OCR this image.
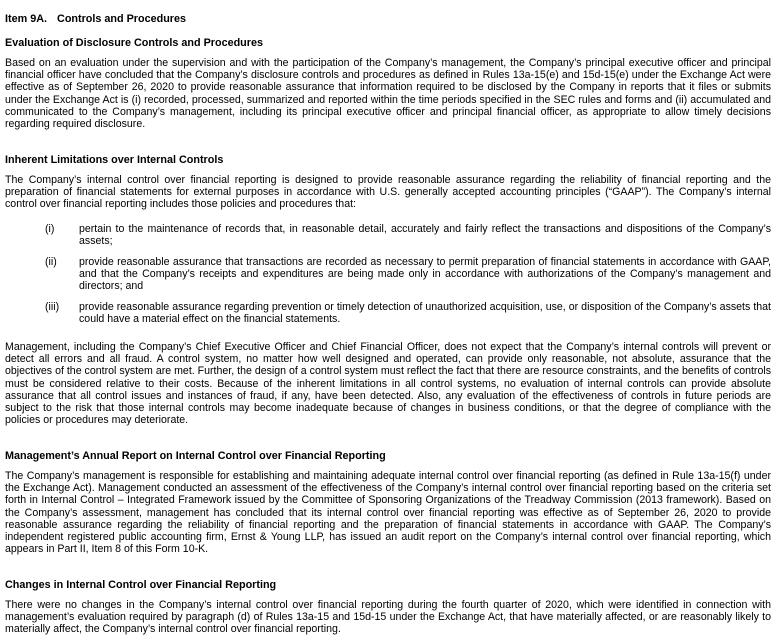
Item 9A. Controls and Procedures
Evaluation of Disclosure Controls and Procedures

Based on an evaluation under the supervision and with the participation of the Company’s management, the Company’s principal executive officer and principal financial officer have concluded that the Company’s disclosure controls and procedures as defined in Rules 13a-15(e) and 15d-15(e) under the Exchange Act were effective as of September 26, 2020 to provide reasonable assurance that information required to be disclosed by the Company in reports that it files or submits under the Exchange Act is (i) recorded, processed, summarized and reported within the time periods specified in the SEC rules and forms and (ii) accumulated and communicated to the Company’s management, including its principal executive officer and principal financial officer, as appropriate to allow timely decisions regarding required disclosure.

Inherent Limitations over Internal Controls

The Company’s internal control over financial reporting is designed to provide reasonable assurance regarding the reliability of financial reporting and the preparation of financial statements for external purposes in accordance with U.S. generally accepted accounting principles (“GAAP”). The Company’s internal control over financial reporting includes those policies and procedures that:

(i)	pertain to the maintenance of records that, in reasonable detail, accurately and fairly reflect the transactions and dispositions of the Company’s assets;
(ii)	provide reasonable assurance that transactions are recorded as necessary to permit preparation of financial statements in accordance with GAAP, and that the Company’s receipts and expenditures are being made only in accordance with authorizations of the Company’s management and directors; and
(iii)	provide reasonable assurance regarding prevention or timely detection of unauthorized acquisition, use, or disposition of the Company’s assets that could have a material effect on the financial statements.

Management, including the Company’s Chief Executive Officer and Chief Financial Officer, does not expect that the Company’s internal controls will prevent or detect all errors and all fraud. A control system, no matter how well designed and operated, can provide only reasonable, not absolute, assurance that the objectives of the control system are met. Further, the design of a control system must reflect the fact that there are resource constraints, and the benefits of controls must be considered relative to their costs. Because of the inherent limitations in all control systems, no evaluation of internal controls can provide absolute assurance that all control issues and instances of fraud, if any, have been detected. Also, any evaluation of the effectiveness of controls in future periods are subject to the risk that those internal controls may become inadequate because of changes in business conditions, or that the degree of compliance with the policies or procedures may deteriorate.

Management’s Annual Report on Internal Control over Financial Reporting

The Company’s management is responsible for establishing and maintaining adequate internal control over financial reporting (as defined in Rule 13a-15(f) under the Exchange Act). Management conducted an assessment of the effectiveness of the Company’s internal control over financial reporting based on the criteria set forth in Internal Control – Integrated Framework issued by the Committee of Sponsoring Organizations of the Treadway Commission (2013 framework). Based on the Company’s assessment, management has concluded that its internal control over financial reporting was effective as of September 26, 2020 to provide reasonable assurance regarding the reliability of financial reporting and the preparation of financial statements in accordance with GAAP. The Company’s independent registered public accounting firm, Ernst & Young LLP, has issued an audit report on the Company’s internal control over financial reporting, which appears in Part II, Item 8 of this Form 10-K.

Changes in Internal Control over Financial Reporting

There were no changes in the Company’s internal control over financial reporting during the fourth quarter of 2020, which were identified in connection with management’s evaluation required by paragraph (d) of Rules 13a-15 and 15d-15 under the Exchange Act, that have materially affected, or are reasonably likely to materially affect, the Company’s internal control over financial reporting.
